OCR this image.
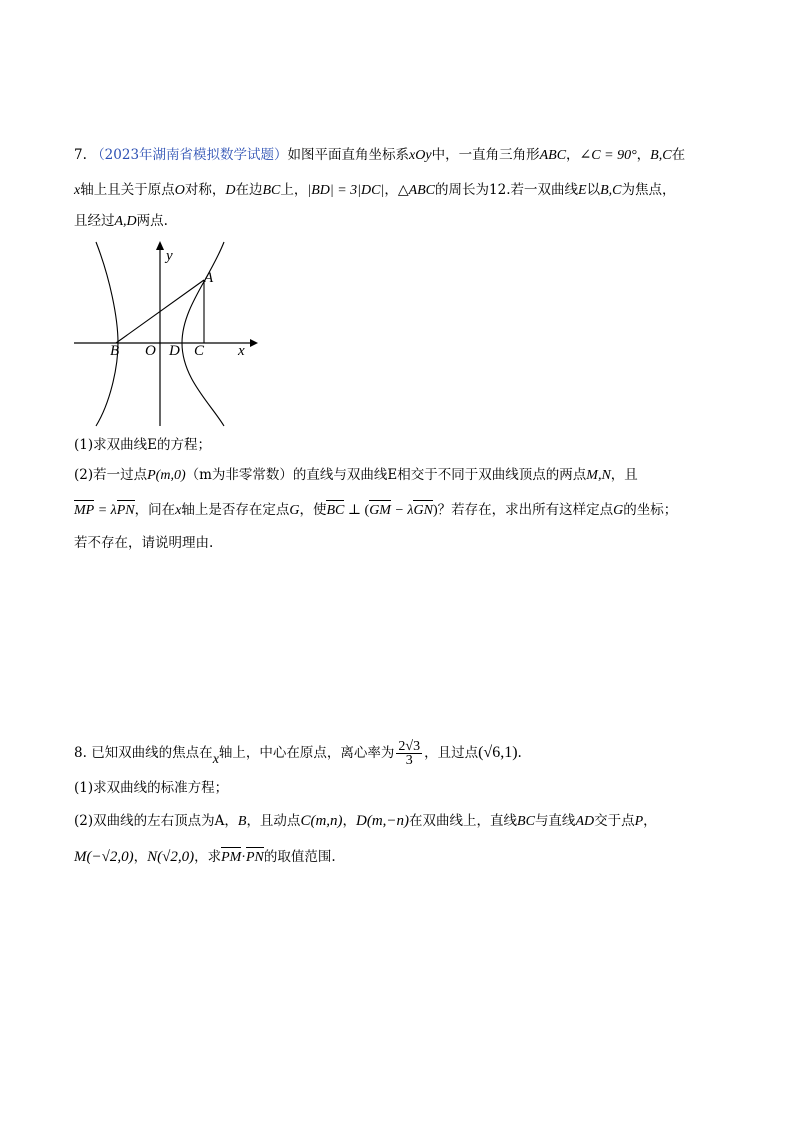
7. （2023年湖南省模拟数学试题）如图平面直角坐标系xOy中，一直角三角形ABC，∠C = 90°，B,C在
x轴上且关于原点O对称，D在边BC上，|BD| = 3|DC|，△ABC的周长为12.若一双曲线E以B,C为焦点，
且经过A,D两点.
y
A
x
B O D C
(1)求双曲线E的方程；
(2)若一过点P(m,0)（m为非零常数）的直线与双曲线E相交于不同于双曲线顶点的两点M,N，且
MP = λPN，问在x轴上是否存在定点G，使BC ⊥ (GM − λGN)？若存在，求出所有这样定点G的坐标；
若不存在，请说明理由.
8. 已知双曲线的焦点在x轴上，中心在原点，离心率为 $\frac{2√3}{3}$ ，且过点(√6,1).
(1)求双曲线的标准方程；
(2)双曲线的左右顶点为A，B，且动点C(m,n)，D(m,−n)在双曲线上，直线BC与直线AD交于点P，
M(−√2,0)，N(√2,0)，求PM·PN的取值范围.
